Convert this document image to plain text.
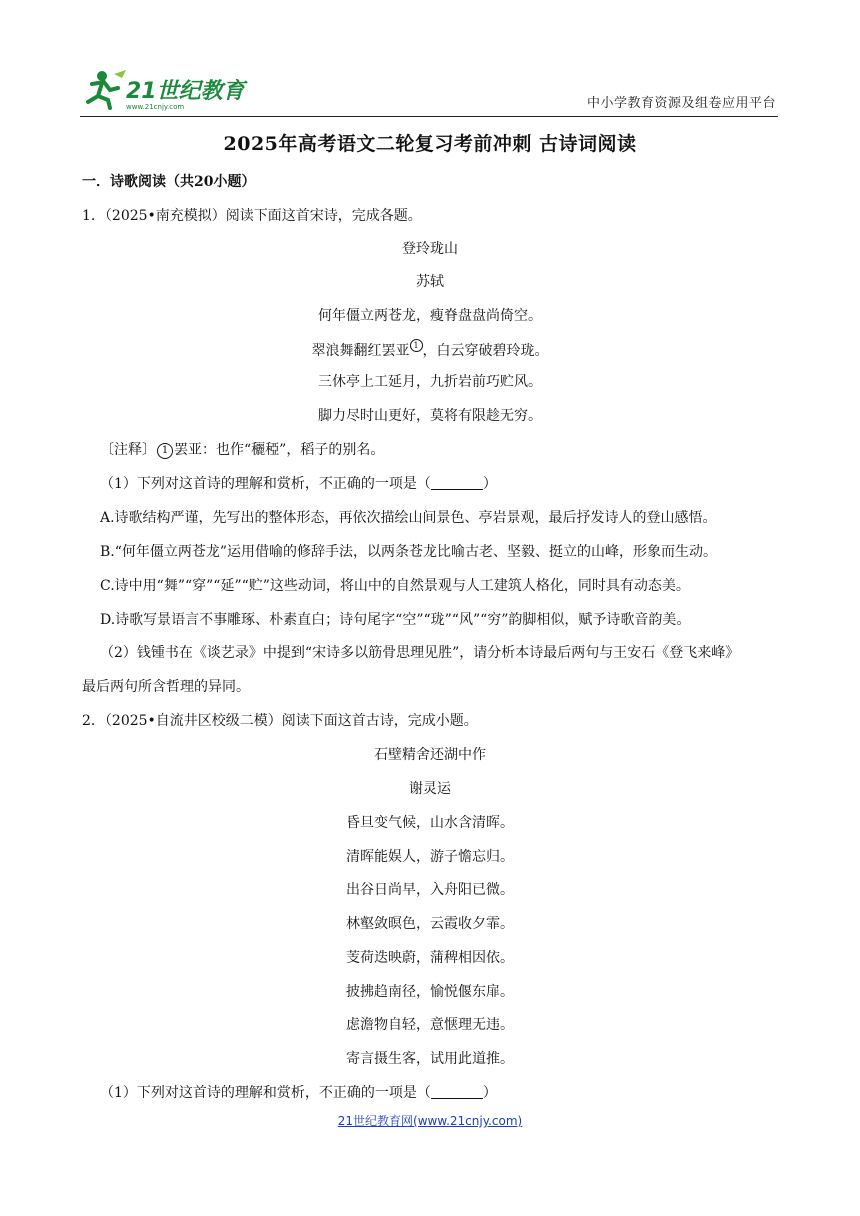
21世纪教育
www.21cnjy.com	中小学教育资源及组卷应用平台
2025年高考语文二轮复习考前冲刺 古诗词阅读
一．诗歌阅读（共20小题）
1．（2025•南充模拟）阅读下面这首宋诗，完成各题。
登玲珑山
苏轼
何年僵立两苍龙，瘦脊盘盘尚倚空。
翠浪舞翻红罢亚 1 ，白云穿破碧玲珑。
三休亭上工延月，九折岩前巧贮风。
脚力尽时山更好，莫将有限趁无穷。
〔注释〕 1 罢亚：也作“穲稏”，稻子的别名。
（1）下列对这首诗的理解和赏析，不正确的一项是（	）
A.诗歌结构严谨，先写出的整体形态，再依次描绘山间景色、亭岩景观，最后抒发诗人的登山感悟。
B.“何年僵立两苍龙”运用借喻的修辞手法，以两条苍龙比喻古老、坚毅、挺立的山峰，形象而生动。
C.诗中用“舞”“穿”“延”“贮”这些动词，将山中的自然景观与人工建筑人格化，同时具有动态美。
D.诗歌写景语言不事雕琢、朴素直白；诗句尾字“空”“珑”“风”“穷”韵脚相似，赋予诗歌音韵美。
（2）钱锺书在《谈艺录》中提到“宋诗多以筋骨思理见胜”，请分析本诗最后两句与王安石《登飞来峰》
最后两句所含哲理的异同。
2．（2025•自流井区校级二模）阅读下面这首古诗，完成小题。
石壁精舍还湖中作
谢灵运
昏旦变气候，山水含清晖。
清晖能娱人，游子憺忘归。
出谷日尚早，入舟阳已微。
林壑敛暝色，云霞收夕霏。
芰荷迭映蔚，蒲稗相因依。
披拂趋南径，愉悦偃东扉。
虑澹物自轻，意惬理无违。
寄言摄生客，试用此道推。
（1）下列对这首诗的理解和赏析，不正确的一项是（	）
21世纪教育网(www.21cnjy.com)
